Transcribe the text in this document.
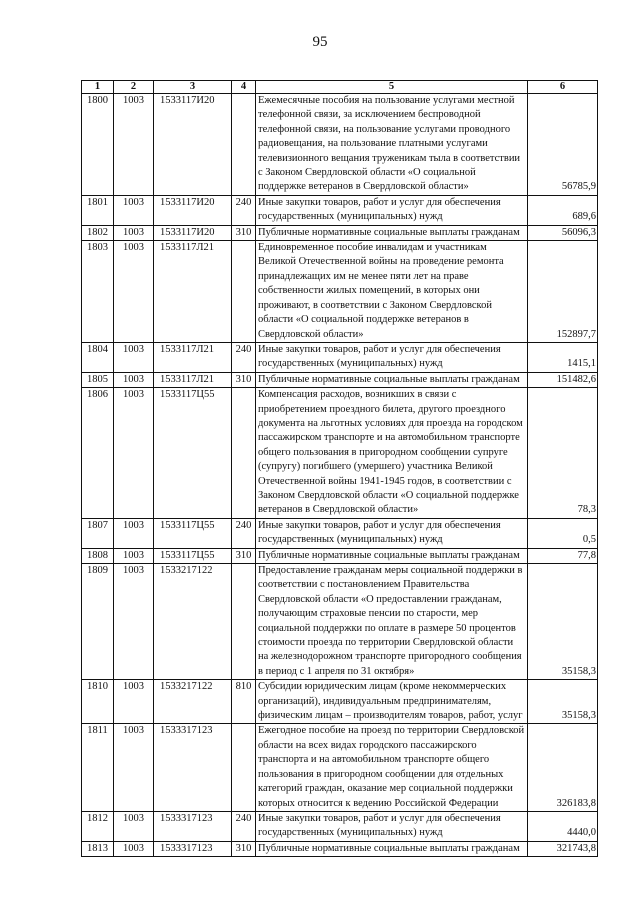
95
1	2	3	4	5	6
1800	1003	1533117И20		Ежемесячные пособия на пользование услугами местной телефонной связи, за исключением беспроводной телефонной связи, на пользование услугами проводного радиовещания, на пользование платными услугами телевизионного вещания труженикам тыла в соответствии с Законом Свердловской области «О социальной поддержке ветеранов в Свердловской области»	56785,9
1801	1003	1533117И20	240	Иные закупки товаров, работ и услуг для обеспечения государственных (муниципальных) нужд	689,6
1802	1003	1533117И20	310	Публичные нормативные социальные выплаты гражданам	56096,3
1803	1003	1533117Л21		Единовременное пособие инвалидам и участникам Великой Отечественной войны на проведение ремонта принадлежащих им не менее пяти лет на праве собственности жилых помещений, в которых они проживают, в соответствии с Законом Свердловской области «О социальной поддержке ветеранов в Свердловской области»	152897,7
1804	1003	1533117Л21	240	Иные закупки товаров, работ и услуг для обеспечения государственных (муниципальных) нужд	1415,1
1805	1003	1533117Л21	310	Публичные нормативные социальные выплаты гражданам	151482,6
1806	1003	1533117Ц55		Компенсация расходов, возникших в связи с приобретением проездного билета, другого проездного документа на льготных условиях для проезда на городском пассажирском транспорте и на автомобильном транспорте общего пользования в пригородном сообщении супруге (супругу) погибшего (умершего) участника Великой Отечественной войны 1941-1945 годов, в соответствии с Законом Свердловской области «О социальной поддержке ветеранов в Свердловской области»	78,3
1807	1003	1533117Ц55	240	Иные закупки товаров, работ и услуг для обеспечения государственных (муниципальных) нужд	0,5
1808	1003	1533117Ц55	310	Публичные нормативные социальные выплаты гражданам	77,8
1809	1003	1533217122		Предоставление гражданам меры социальной поддержки в соответствии с постановлением Правительства Свердловской области «О предоставлении гражданам, получающим страховые пенсии по старости, мер социальной поддержки по оплате в размере 50 процентов стоимости проезда по территории Свердловской области на железнодорожном транспорте пригородного сообщения в период с 1 апреля по 31 октября»	35158,3
1810	1003	1533217122	810	Субсидии юридическим лицам (кроме некоммерческих организаций), индивидуальным предпринимателям, физическим лицам – производителям товаров, работ, услуг	35158,3
1811	1003	1533317123		Ежегодное пособие на проезд по территории Свердловской области на всех видах городского пассажирского транспорта и на автомобильном транспорте общего пользования в пригородном сообщении для отдельных категорий граждан, оказание мер социальной поддержки которых относится к ведению Российской Федерации	326183,8
1812	1003	1533317123	240	Иные закупки товаров, работ и услуг для обеспечения государственных (муниципальных) нужд	4440,0
1813	1003	1533317123	310	Публичные нормативные социальные выплаты гражданам	321743,8
